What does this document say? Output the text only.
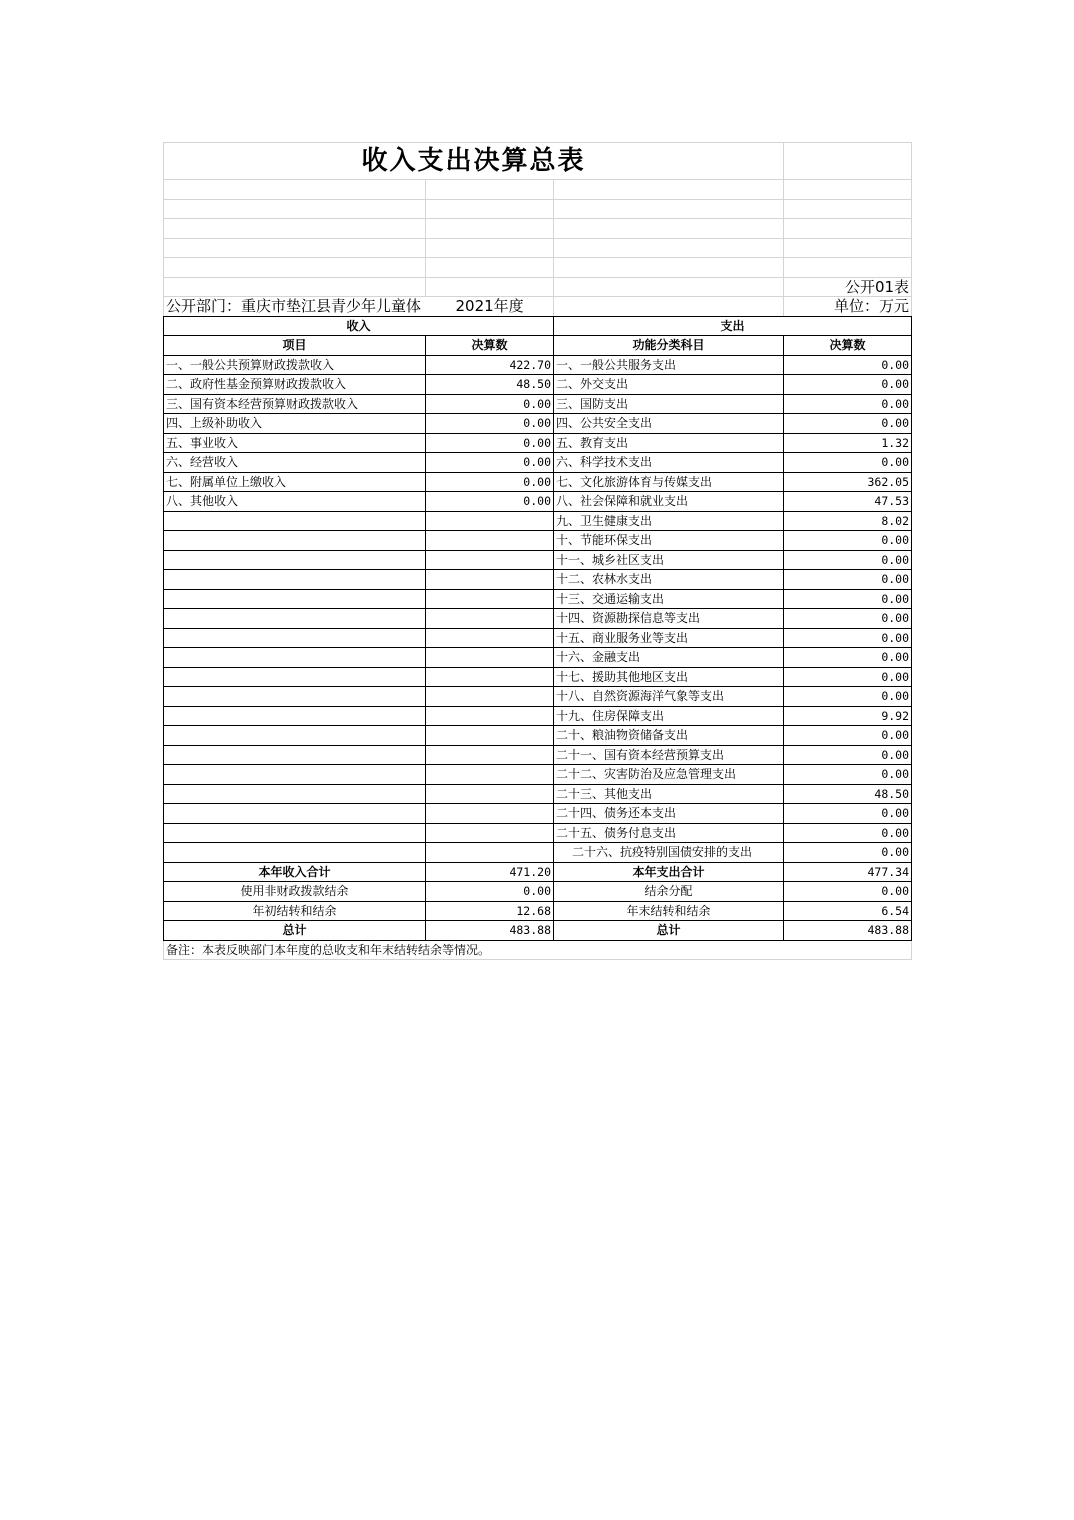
收入支出决算总表			

			公开01表
公开部门：重庆市垫江县青少年儿童体	2021年度		单位：万元
收入		支出	
项目	决算数	功能分类科目	决算数
一、一般公共预算财政拨款收入	422.70	一、一般公共服务支出	0.00
二、政府性基金预算财政拨款收入	48.50	二、外交支出	0.00
三、国有资本经营预算财政拨款收入	0.00	三、国防支出	0.00
四、上级补助收入	0.00	四、公共安全支出	0.00
五、事业收入	0.00	五、教育支出	1.32
六、经营收入	0.00	六、科学技术支出	0.00
七、附属单位上缴收入	0.00	七、文化旅游体育与传媒支出	362.05
八、其他收入	0.00	八、社会保障和就业支出	47.53
		九、卫生健康支出	8.02
		十、节能环保支出	0.00
		十一、城乡社区支出	0.00
		十二、农林水支出	0.00
		十三、交通运输支出	0.00
		十四、资源勘探信息等支出	0.00
		十五、商业服务业等支出	0.00
		十六、金融支出	0.00
		十七、援助其他地区支出	0.00
		十八、自然资源海洋气象等支出	0.00
		十九、住房保障支出	9.92
		二十、粮油物资储备支出	0.00
		二十一、国有资本经营预算支出	0.00
		二十二、灾害防治及应急管理支出	0.00
		二十三、其他支出	48.50
		二十四、债务还本支出	0.00
		二十五、债务付息支出	0.00
		二十六、抗疫特别国债安排的支出	0.00
本年收入合计	471.20	本年支出合计	477.34
使用非财政拨款结余	0.00	结余分配	0.00
年初结转和结余	12.68	年末结转和结余	6.54
总计	483.88	总计	483.88
备注：本表反映部门本年度的总收支和年末结转结余等情况。			
